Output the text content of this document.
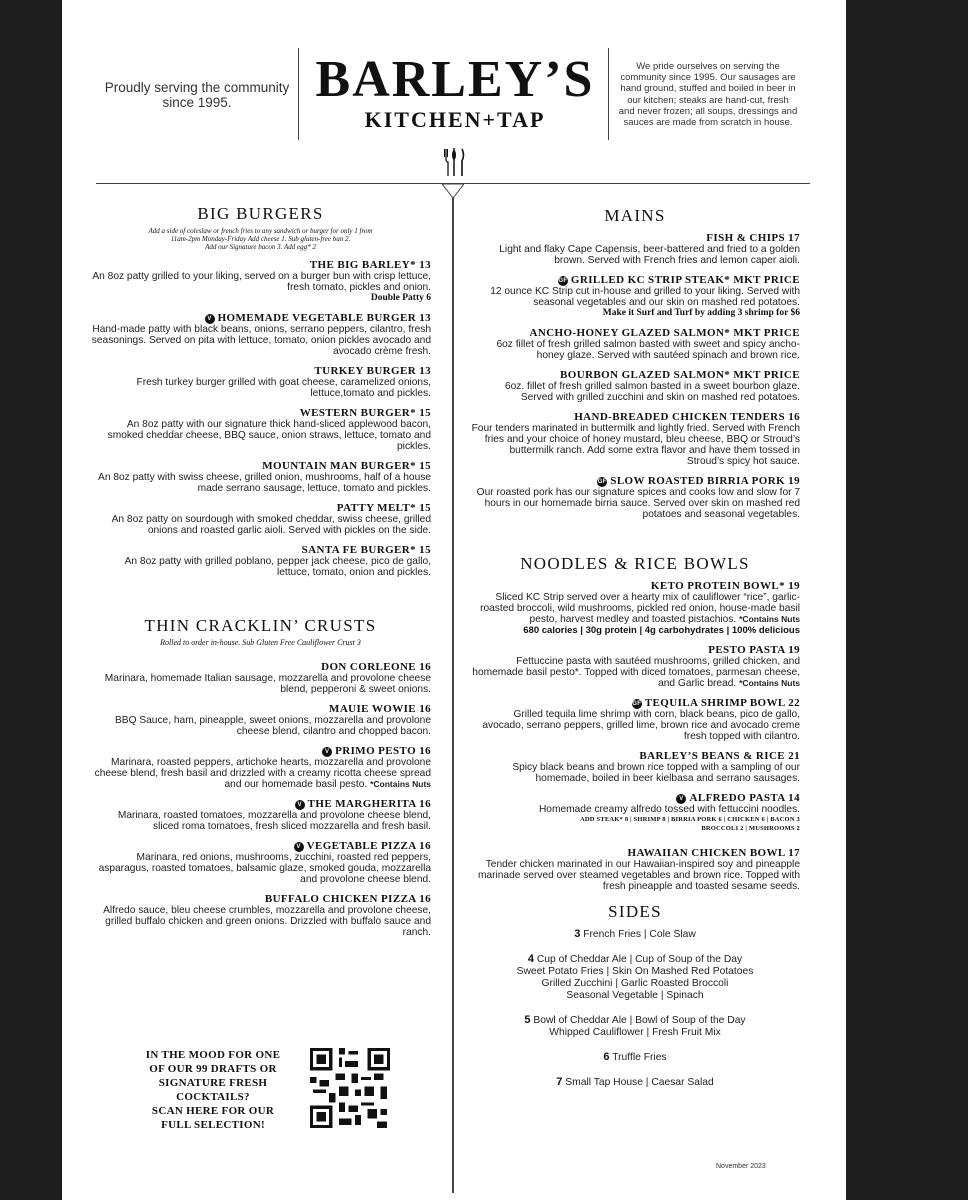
Proudly serving the community since 1995.	BARLEY’S
KITCHEN+TAP
We pride ourselves on serving the community since 1995. Our sausages are hand ground, stuffed and boiled in beer in our kitchen; steaks are hand-cut, fresh and never frozen; all soups, dressings and sauces are made from scratch in house.
BIG BURGERS
Add a side of coleslaw or french fries to any sandwich or burger for only 1 from
11am-2pm Monday-Friday Add cheese 1. Sub gluten-free bun 2.
Add our Signature bacon 3. Add egg* 2
THE BIG BARLEY* 13
An 8oz patty grilled to your liking, served on a burger bun with crisp lettuce, fresh tomato, pickles and onion.
Double Patty 6
V HOMEMADE VEGETABLE BURGER 13
Hand-made patty with black beans, onions, serrano peppers, cilantro, fresh seasonings. Served on pita with lettuce, tomato, onion pickles avocado and avocado crème fresh.
TURKEY BURGER 13
Fresh turkey burger grilled with goat cheese, caramelized onions, lettuce,tomato and pickles.
WESTERN BURGER* 15
An 8oz patty with our signature thick hand-sliced applewood bacon, smoked cheddar cheese, BBQ sauce, onion straws, lettuce, tomato and pickles.
MOUNTAIN MAN BURGER* 15
An 8oz patty with swiss cheese, grilled onion, mushrooms, half of a house made serrano sausage, lettuce, tomato and pickles.
PATTY MELT* 15
An 8oz patty on sourdough with smoked cheddar, swiss cheese, grilled onions and roasted garlic aioli. Served with pickles on the side.
SANTA FE BURGER* 15
An 8oz patty with grilled poblano, pepper jack cheese, pico de gallo, lettuce, tomato, onion and pickles.
THIN CRACKLIN’ CRUSTS
Rolled to order in-house. Sub Gluten Free Cauliflower Crust 3
DON CORLEONE 16
Marinara, homemade Italian sausage, mozzarella and provolone cheese blend, pepperoni & sweet onions.
MAUIE WOWIE 16
BBQ Sauce, ham, pineapple, sweet onions, mozzarella and provolone cheese blend, cilantro and chopped bacon.
V PRIMO PESTO 16
Marinara, roasted peppers, artichoke hearts, mozzarella and provolone cheese blend, fresh basil and drizzled with a creamy ricotta cheese spread and our homemade basil pesto. *Contains Nuts
V THE MARGHERITA 16
Marinara, roasted tomatoes, mozzarella and provolone cheese blend, sliced roma tomatoes, fresh sliced mozzarella and fresh basil.
V VEGETABLE PIZZA 16
Marinara, red onions, mushrooms, zucchini, roasted red peppers, asparagus, roasted tomatoes, balsamic glaze, smoked gouda, mozzarella and provolone cheese blend.
BUFFALO CHICKEN PIZZA 16
Alfredo sauce, bleu cheese crumbles, mozzarella and provolone cheese, grilled buffalo chicken and green onions. Drizzled with buffalo sauce and ranch.
IN THE MOOD FOR ONE
OF OUR 99 DRAFTS OR
SIGNATURE FRESH
COCKTAILS?
SCAN HERE FOR OUR
FULL SELECTION!
MAINS
FISH & CHIPS 17
Light and flaky Cape Capensis, beer-battered and fried to a golden brown. Served with French fries and lemon caper aioli.
GF GRILLED KC STRIP STEAK* MKT PRICE
12 ounce KC Strip cut in-house and grilled to your liking. Served with seasonal vegetables and our skin on mashed red potatoes.
Make it Surf and Turf by adding 3 shrimp for $6
ANCHO-HONEY GLAZED SALMON* MKT PRICE
6oz fillet of fresh grilled salmon basted with sweet and spicy ancho-honey glaze. Served with sautéed spinach and brown rice.
BOURBON GLAZED SALMON* MKT PRICE
6oz. fillet of fresh grilled salmon basted in a sweet bourbon glaze. Served with grilled zucchini and skin on mashed red potatoes.
HAND-BREADED CHICKEN TENDERS 16
Four tenders marinated in buttermilk and lightly fried. Served with French fries and your choice of honey mustard, bleu cheese, BBQ or Stroud’s buttermilk ranch. Add some extra flavor and have them tossed in Stroud’s spicy hot sauce.
GF SLOW ROASTED BIRRIA PORK 19
Our roasted pork has our signature spices and cooks low and slow for 7 hours in our homemade birria sauce. Served over skin on mashed red potatoes and seasonal vegetables.
NOODLES & RICE BOWLS
KETO PROTEIN BOWL* 19
Sliced KC Strip served over a hearty mix of cauliflower “rice”, garlic-roasted broccoli, wild mushrooms, pickled red onion, house-made basil pesto, harvest medley and toasted pistachios. *Contains Nuts
680 calories | 30g protein | 4g carbohydrates | 100% delicious
PESTO PASTA 19
Fettuccine pasta with sautéed mushrooms, grilled chicken, and homemade basil pesto*. Topped with diced tomatoes, parmesan cheese, and Garlic bread. *Contains Nuts
GF TEQUILA SHRIMP BOWL 22
Grilled tequila lime shrimp with corn, black beans, pico de gallo, avocado, serrano peppers, grilled lime, brown rice and avocado creme fresh topped with cilantro.
BARLEY’S BEANS & RICE 21
Spicy black beans and brown rice topped with a sampling of our homemade, boiled in beer kielbasa and serrano sausages.
V ALFREDO PASTA 14
Homemade creamy alfredo tossed with fettuccini noodles.
ADD STEAK* 8 | SHRIMP 8 | BIRRIA PORK 6 | CHICKEN 6 | BACON 3
BROCCOLI 2 | MUSHROOMS 2
HAWAIIAN CHICKEN BOWL 17
Tender chicken marinated in our Hawaiian-inspired soy and pineapple marinade served over steamed vegetables and brown rice. Topped with fresh pineapple and toasted sesame seeds.
SIDES
3 French Fries | Cole Slaw
4 Cup of Cheddar Ale | Cup of Soup of the Day
Sweet Potato Fries | Skin On Mashed Red Potatoes
Grilled Zucchini | Garlic Roasted Broccoli
Seasonal Vegetable | Spinach
5 Bowl of Cheddar Ale | Bowl of Soup of the Day
Whipped Cauliflower | Fresh Fruit Mix
6 Truffle Fries
7 Small Tap House | Caesar Salad
November 2023
